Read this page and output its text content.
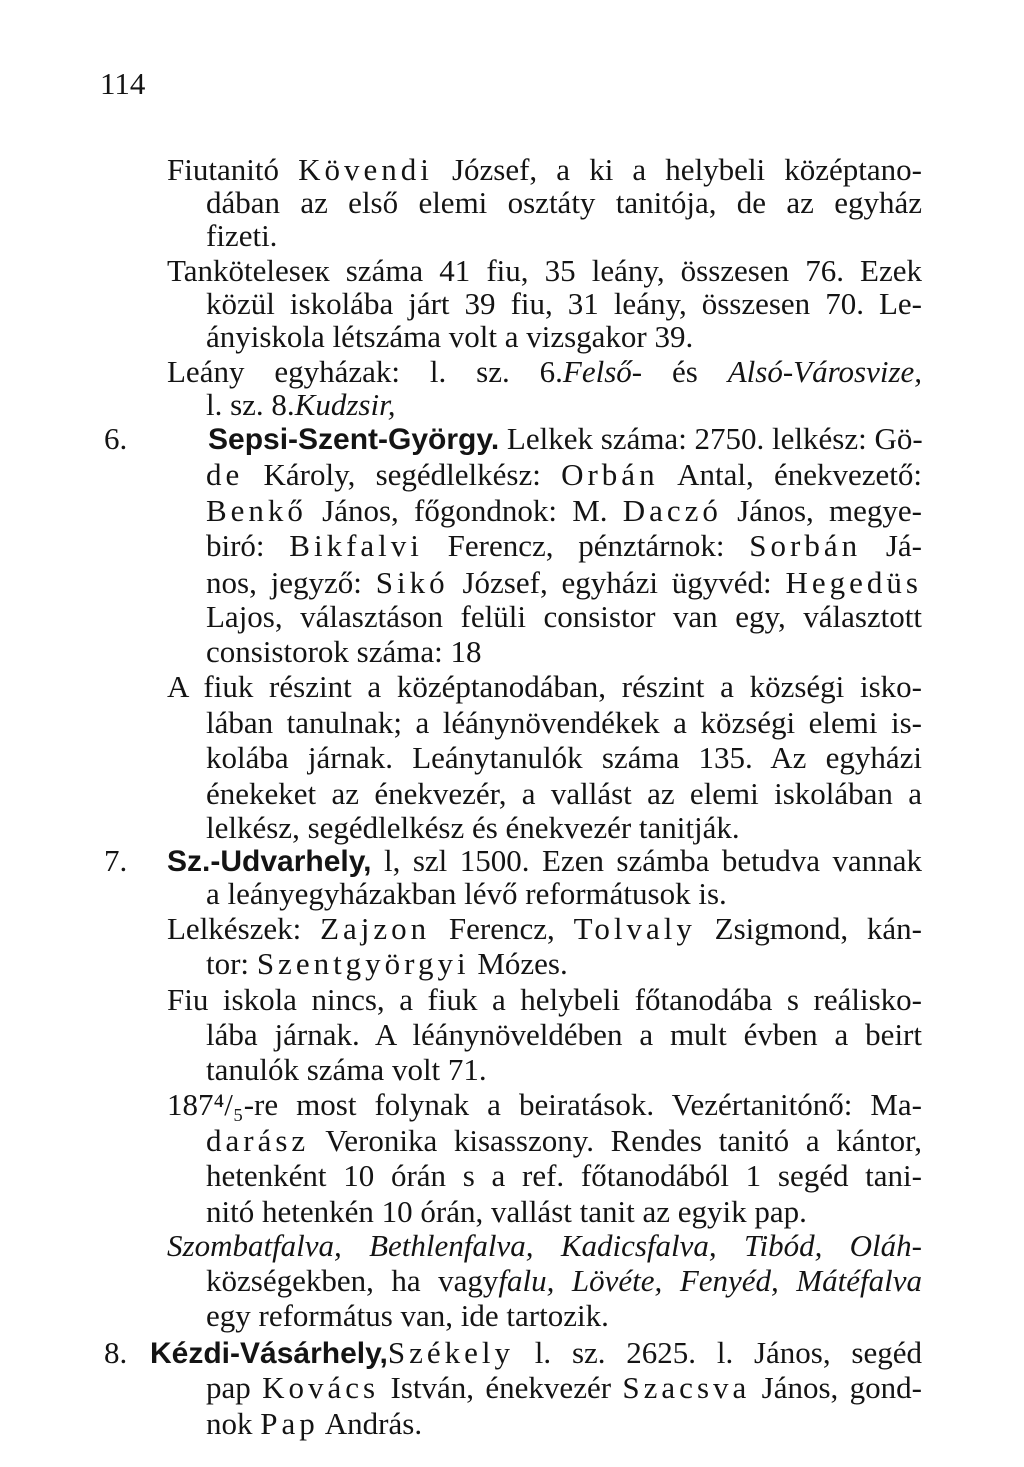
114
Fiutanitó Kövendi József, a ki a helybeli középtano-
dában az első elemi osztáty tanitója, de az egyház
fizeti.
Tanköteleseк száma 41 fiu, 35 leány, összesen 76. Ezek
közül iskolába járt 39 fiu, 31 leány, összesen 70. Le-
ányiskola létszáma volt a vizsgakor 39.
Leány egyházak: l. sz. 6.Felső- és Alsó-Városvize,
l. sz. 8.Kudzsir,
6.	Sepsi-Szent-György. Lelkek száma: 2750. lelkész: Gö-
de Károly, segédlelkész: Orbán Antal, énekvezető:
Benkő János, főgondnok: M. Daczó János, megye-
biró: Bikfalvi Ferencz, pénztárnok: Sorbán Já-
nos, jegyző: Sikó József, egyházi ügyvéd: Hegedüs
Lajos, választáson felüli consistor van egy, választott
consistorok száma: 18
A fiuk részint a középtanodában, részint a községi isko-
lában tanulnak; a léánynövendékek a községi elemi is-
kolába járnak. Leánytanulók száma 135. Az egyházi
énekeket az énekvezér, a vallást az elemi iskolában a
lelkész, segédlelkész és énekvezér tanitják.
7. Sz.-Udvarhely, l, szl 1500. Ezen számba betudva vannak
a leányegyházakban lévő reformátusok is.
Lelkészek: Zajzon Ferencz, Tolvaly Zsigmond, kán-
tor: Szentgyörgyi Mózes.
Fiu iskola nincs, a fiuk a helybeli főtanodába s reálisko-
lába járnak. A léánynöveldében a mult évben a beirt
tanulók száma volt 71.
187⁴/₅-re most folynak a beiratások. Vezértanitónő: Ma-
darász Veronika kisasszony. Rendes tanitó a kántor,
hetenként 10 órán s a ref. főtanodából 1 segéd tani-
nitó hetenkén 10 órán, vallást tanit az egyik pap.
Szombatfalva, Bethlenfalva, Kadicsfalva, Tibód, Oláh-
községekben, ha vagyfalu, Lövéte, Fenyéd, Mátéfalva
egy református van, ide tartozik.
8. Kézdi-Vásárhely,Székely l. sz. 2625. l. János, segéd
pap Kovács István, énekvezér Szacsva János, gond-
nok Pap András.
